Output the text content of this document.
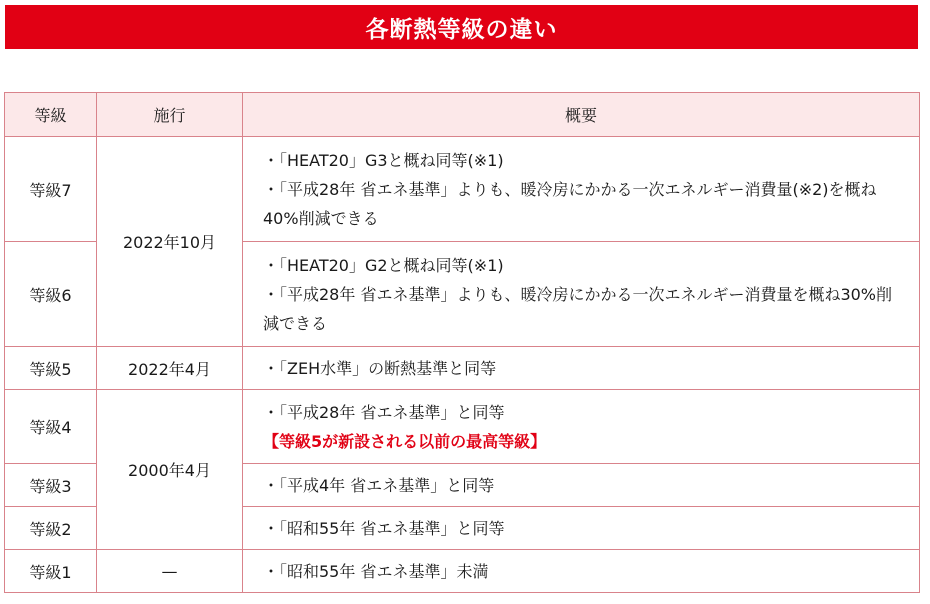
各断熱等級の違い
等級	施行	概要
等級7	2022年10月	・「HEAT20」G3と概ね同等(※1)
・「平成28年 省エネ基準」よりも、暖冷房にかかる一次エネルギー消費量(※2)を概ね40%削減できる

等級6		・「HEAT20」G2と概ね同等(※1)
・「平成28年 省エネ基準」よりも、暖冷房にかかる一次エネルギー消費量を概ね30%削減できる

等級5	2022年4月	・「ZEH水準」の断熱基準と同等

等級4	2000年4月	・「平成28年 省エネ基準」と同等
【等級5が新設される以前の最高等級】

等級3		・「平成4年 省エネ基準」と同等

等級2		・「昭和55年 省エネ基準」と同等

等級1	—	・「昭和55年 省エネ基準」未満
